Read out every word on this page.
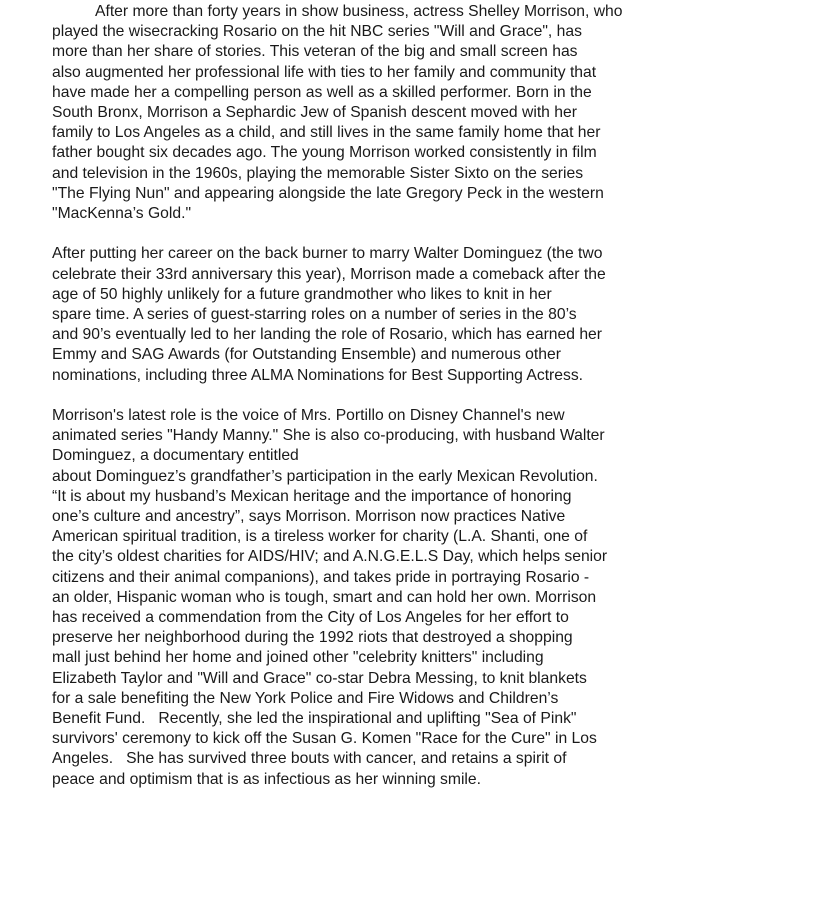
After more than forty years in show business, actress Shelley Morrison, who
played the wisecracking Rosario on the hit NBC series "Will and Grace", has
more than her share of stories. This veteran of the big and small screen has
also augmented her professional life with ties to her family and community that
have made her a compelling person as well as a skilled performer. Born in the
South Bronx, Morrison a Sephardic Jew of Spanish descent moved with her
family to Los Angeles as a child, and still lives in the same family home that her
father bought six decades ago. The young Morrison worked consistently in film
and television in the 1960s, playing the memorable Sister Sixto on the series
"The Flying Nun" and appearing alongside the late Gregory Peck in the western
"MacKenna’s Gold."

After putting her career on the back burner to marry Walter Dominguez (the two
celebrate their 33rd anniversary this year), Morrison made a comeback after the
age of 50 highly unlikely for a future grandmother who likes to knit in her
spare time. A series of guest-starring roles on a number of series in the 80’s
and 90’s eventually led to her landing the role of Rosario, which has earned her
Emmy and SAG Awards (for Outstanding Ensemble) and numerous other
nominations, including three ALMA Nominations for Best Supporting Actress.

Morrison's latest role is the voice of Mrs. Portillo on Disney Channel's new
animated series "Handy Manny." She is also co-producing, with husband Walter
Dominguez, a documentary entitled
about Dominguez’s grandfather’s participation in the early Mexican Revolution.
“It is about my husband’s Mexican heritage and the importance of honoring
one’s culture and ancestry”, says Morrison. Morrison now practices Native
American spiritual tradition, is a tireless worker for charity (L.A. Shanti, one of
the city’s oldest charities for AIDS/HIV; and A.N.G.E.L.S Day, which helps senior
citizens and their animal companions), and takes pride in portraying Rosario -
an older, Hispanic woman who is tough, smart and can hold her own. Morrison
has received a commendation from the City of Los Angeles for her effort to
preserve her neighborhood during the 1992 riots that destroyed a shopping
mall just behind her home and joined other "celebrity knitters" including
Elizabeth Taylor and "Will and Grace" co-star Debra Messing, to knit blankets
for a sale benefiting the New York Police and Fire Widows and Children’s
Benefit Fund.   Recently, she led the inspirational and uplifting "Sea of Pink"
survivors' ceremony to kick off the Susan G. Komen "Race for the Cure" in Los
Angeles.   She has survived three bouts with cancer, and retains a spirit of
peace and optimism that is as infectious as her winning smile.
